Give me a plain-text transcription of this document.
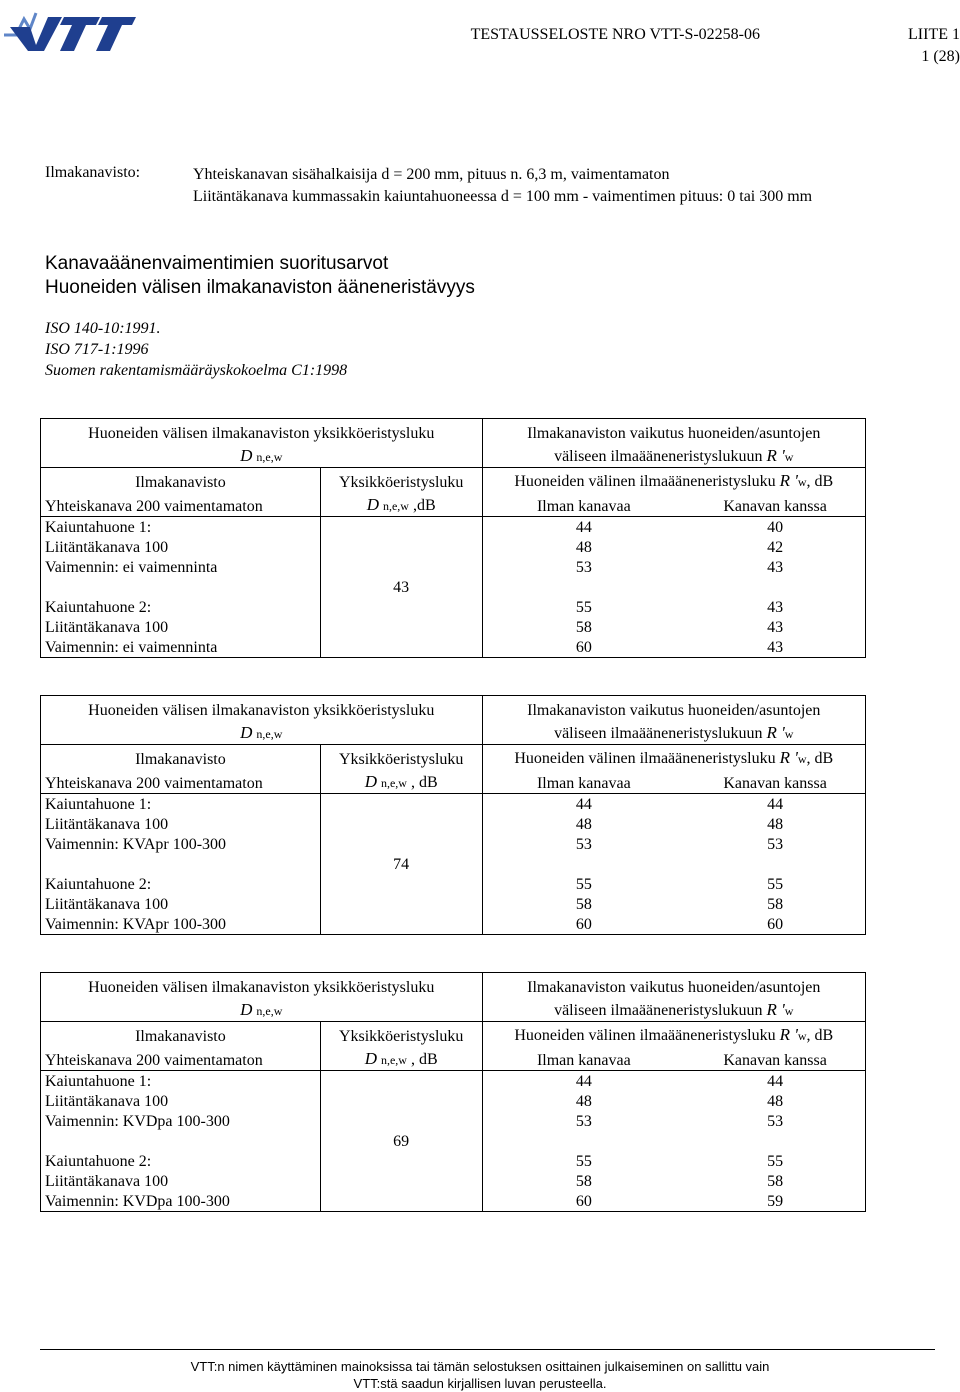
TESTAUSSELOSTE NRO VTT-S-02258-06	LIITE 1
1 (28)
Ilmakanavisto:	Yhteiskanavan sisähalkaisija d = 200 mm, pituus n. 6,3 m, vaimentamaton
Liitäntäkanava kummassakin kaiuntahuoneessa d = 100 mm - vaimentimen pituus: 0 tai 300 mm
Kanavaäänenvaimentimien suoritusarvot
Huoneiden välisen ilmakanaviston ääneneristävyys
ISO 140-10:1991.
ISO 717-1:1996
Suomen rakentamismääräyskokoelma C1:1998
Huoneiden välisen ilmakanaviston yksikköeristysluku		Ilmakanaviston vaikutus huoneiden/asuntojen	
D n,e,w		väliseen ilmaääneneristyslukuun R 'w	
Ilmakanavisto	Yksikköeristysluku	Huoneiden välinen ilmaääneneristysluku R 'w, dB	
Yhteiskanava 200 vaimentamaton	D n,e,w ,dB	Ilman kanavaa	Kanavan kanssa
Kaiuntahuone 1:	43	44	40
Liitäntäkanava 100		48	42
Vaimennin: ei vaimenninta		53	43

Kaiuntahuone 2:		55	43
Liitäntäkanava 100		58	43
Vaimennin: ei vaimenninta		60	43
Huoneiden välisen ilmakanaviston yksikköeristysluku		Ilmakanaviston vaikutus huoneiden/asuntojen	
D n,e,w		väliseen ilmaääneneristyslukuun R 'w	
Ilmakanavisto	Yksikköeristysluku	Huoneiden välinen ilmaääneneristysluku R 'w, dB	
Yhteiskanava 200 vaimentamaton	D n,e,w , dB	Ilman kanavaa	Kanavan kanssa
Kaiuntahuone 1:	74	44	44
Liitäntäkanava 100		48	48
Vaimennin: KVApr 100-300		53	53

Kaiuntahuone 2:		55	55
Liitäntäkanava 100		58	58
Vaimennin: KVApr 100-300		60	60
Huoneiden välisen ilmakanaviston yksikköeristysluku		Ilmakanaviston vaikutus huoneiden/asuntojen	
D n,e,w		väliseen ilmaääneneristyslukuun R 'w	
Ilmakanavisto	Yksikköeristysluku	Huoneiden välinen ilmaääneneristysluku R 'w, dB	
Yhteiskanava 200 vaimentamaton	D n,e,w , dB	Ilman kanavaa	Kanavan kanssa
Kaiuntahuone 1:	69	44	44
Liitäntäkanava 100		48	48
Vaimennin: KVDpa 100-300		53	53

Kaiuntahuone 2:		55	55
Liitäntäkanava 100		58	58
Vaimennin: KVDpa 100-300		60	59
VTT:n nimen käyttäminen mainoksissa tai tämän selostuksen osittainen julkaiseminen on sallittu vain
VTT:stä saadun kirjallisen luvan perusteella.
